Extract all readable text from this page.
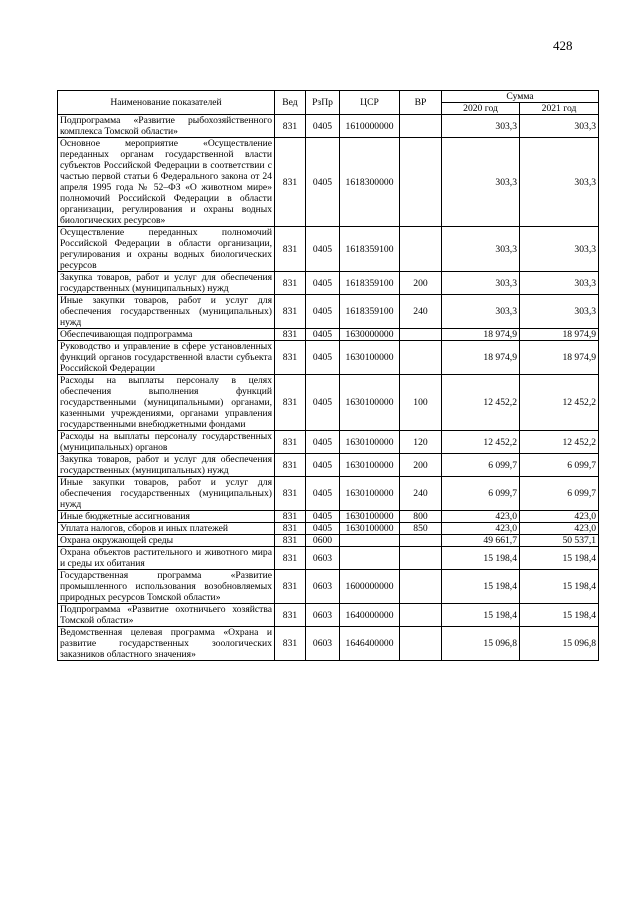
428
Наименование показателей	Вед	РзПр	ЦСР	ВР	Сумма	
					2020 год	2021 год
Подпрограмма «Развитие рыбохозяйственного комплекса Томской области»	831	0405	1610000000		303,3	303,3
Основное мероприятие «Осуществление переданных органам государственной власти субъектов Российской Федерации в соответствии с частью первой статьи 6 Федерального закона от 24 апреля 1995 года № 52–ФЗ «О животном мире» полномочий Российской Федерации в области организации, регулирования и охраны водных биологических ресурсов»	831	0405	1618300000		303,3	303,3
Осуществление переданных полномочий Российской Федерации в области организации, регулирования и охраны водных биологических ресурсов	831	0405	1618359100		303,3	303,3
Закупка товаров, работ и услуг для обеспечения государственных (муниципальных) нужд	831	0405	1618359100	200	303,3	303,3
Иные закупки товаров, работ и услуг для обеспечения государственных (муниципальных) нужд	831	0405	1618359100	240	303,3	303,3
Обеспечивающая подпрограмма	831	0405	1630000000		18 974,9	18 974,9
Руководство и управление в сфере установленных функций органов государственной власти субъекта Российской Федерации	831	0405	1630100000		18 974,9	18 974,9
Расходы на выплаты персоналу в целях обеспечения выполнения функций государственными (муниципальными) органами, казенными учреждениями, органами управления государственными внебюджетными фондами	831	0405	1630100000	100	12 452,2	12 452,2
Расходы на выплаты персоналу государственных (муниципальных) органов	831	0405	1630100000	120	12 452,2	12 452,2
Закупка товаров, работ и услуг для обеспечения государственных (муниципальных) нужд	831	0405	1630100000	200	6 099,7	6 099,7
Иные закупки товаров, работ и услуг для обеспечения государственных (муниципальных) нужд	831	0405	1630100000	240	6 099,7	6 099,7
Иные бюджетные ассигнования	831	0405	1630100000	800	423,0	423,0
Уплата налогов, сборов и иных платежей	831	0405	1630100000	850	423,0	423,0
Охрана окружающей среды	831	0600			49 661,7	50 537,1
Охрана объектов растительного и животного мира и среды их обитания	831	0603			15 198,4	15 198,4
Государственная программа «Развитие промышленного использования возобновляемых природных ресурсов Томской области»	831	0603	1600000000		15 198,4	15 198,4
Подпрограмма «Развитие охотничьего хозяйства Томской области»	831	0603	1640000000		15 198,4	15 198,4
Ведомственная целевая программа «Охрана и развитие государственных зоологических заказников областного значения»	831	0603	1646400000		15 096,8	15 096,8
